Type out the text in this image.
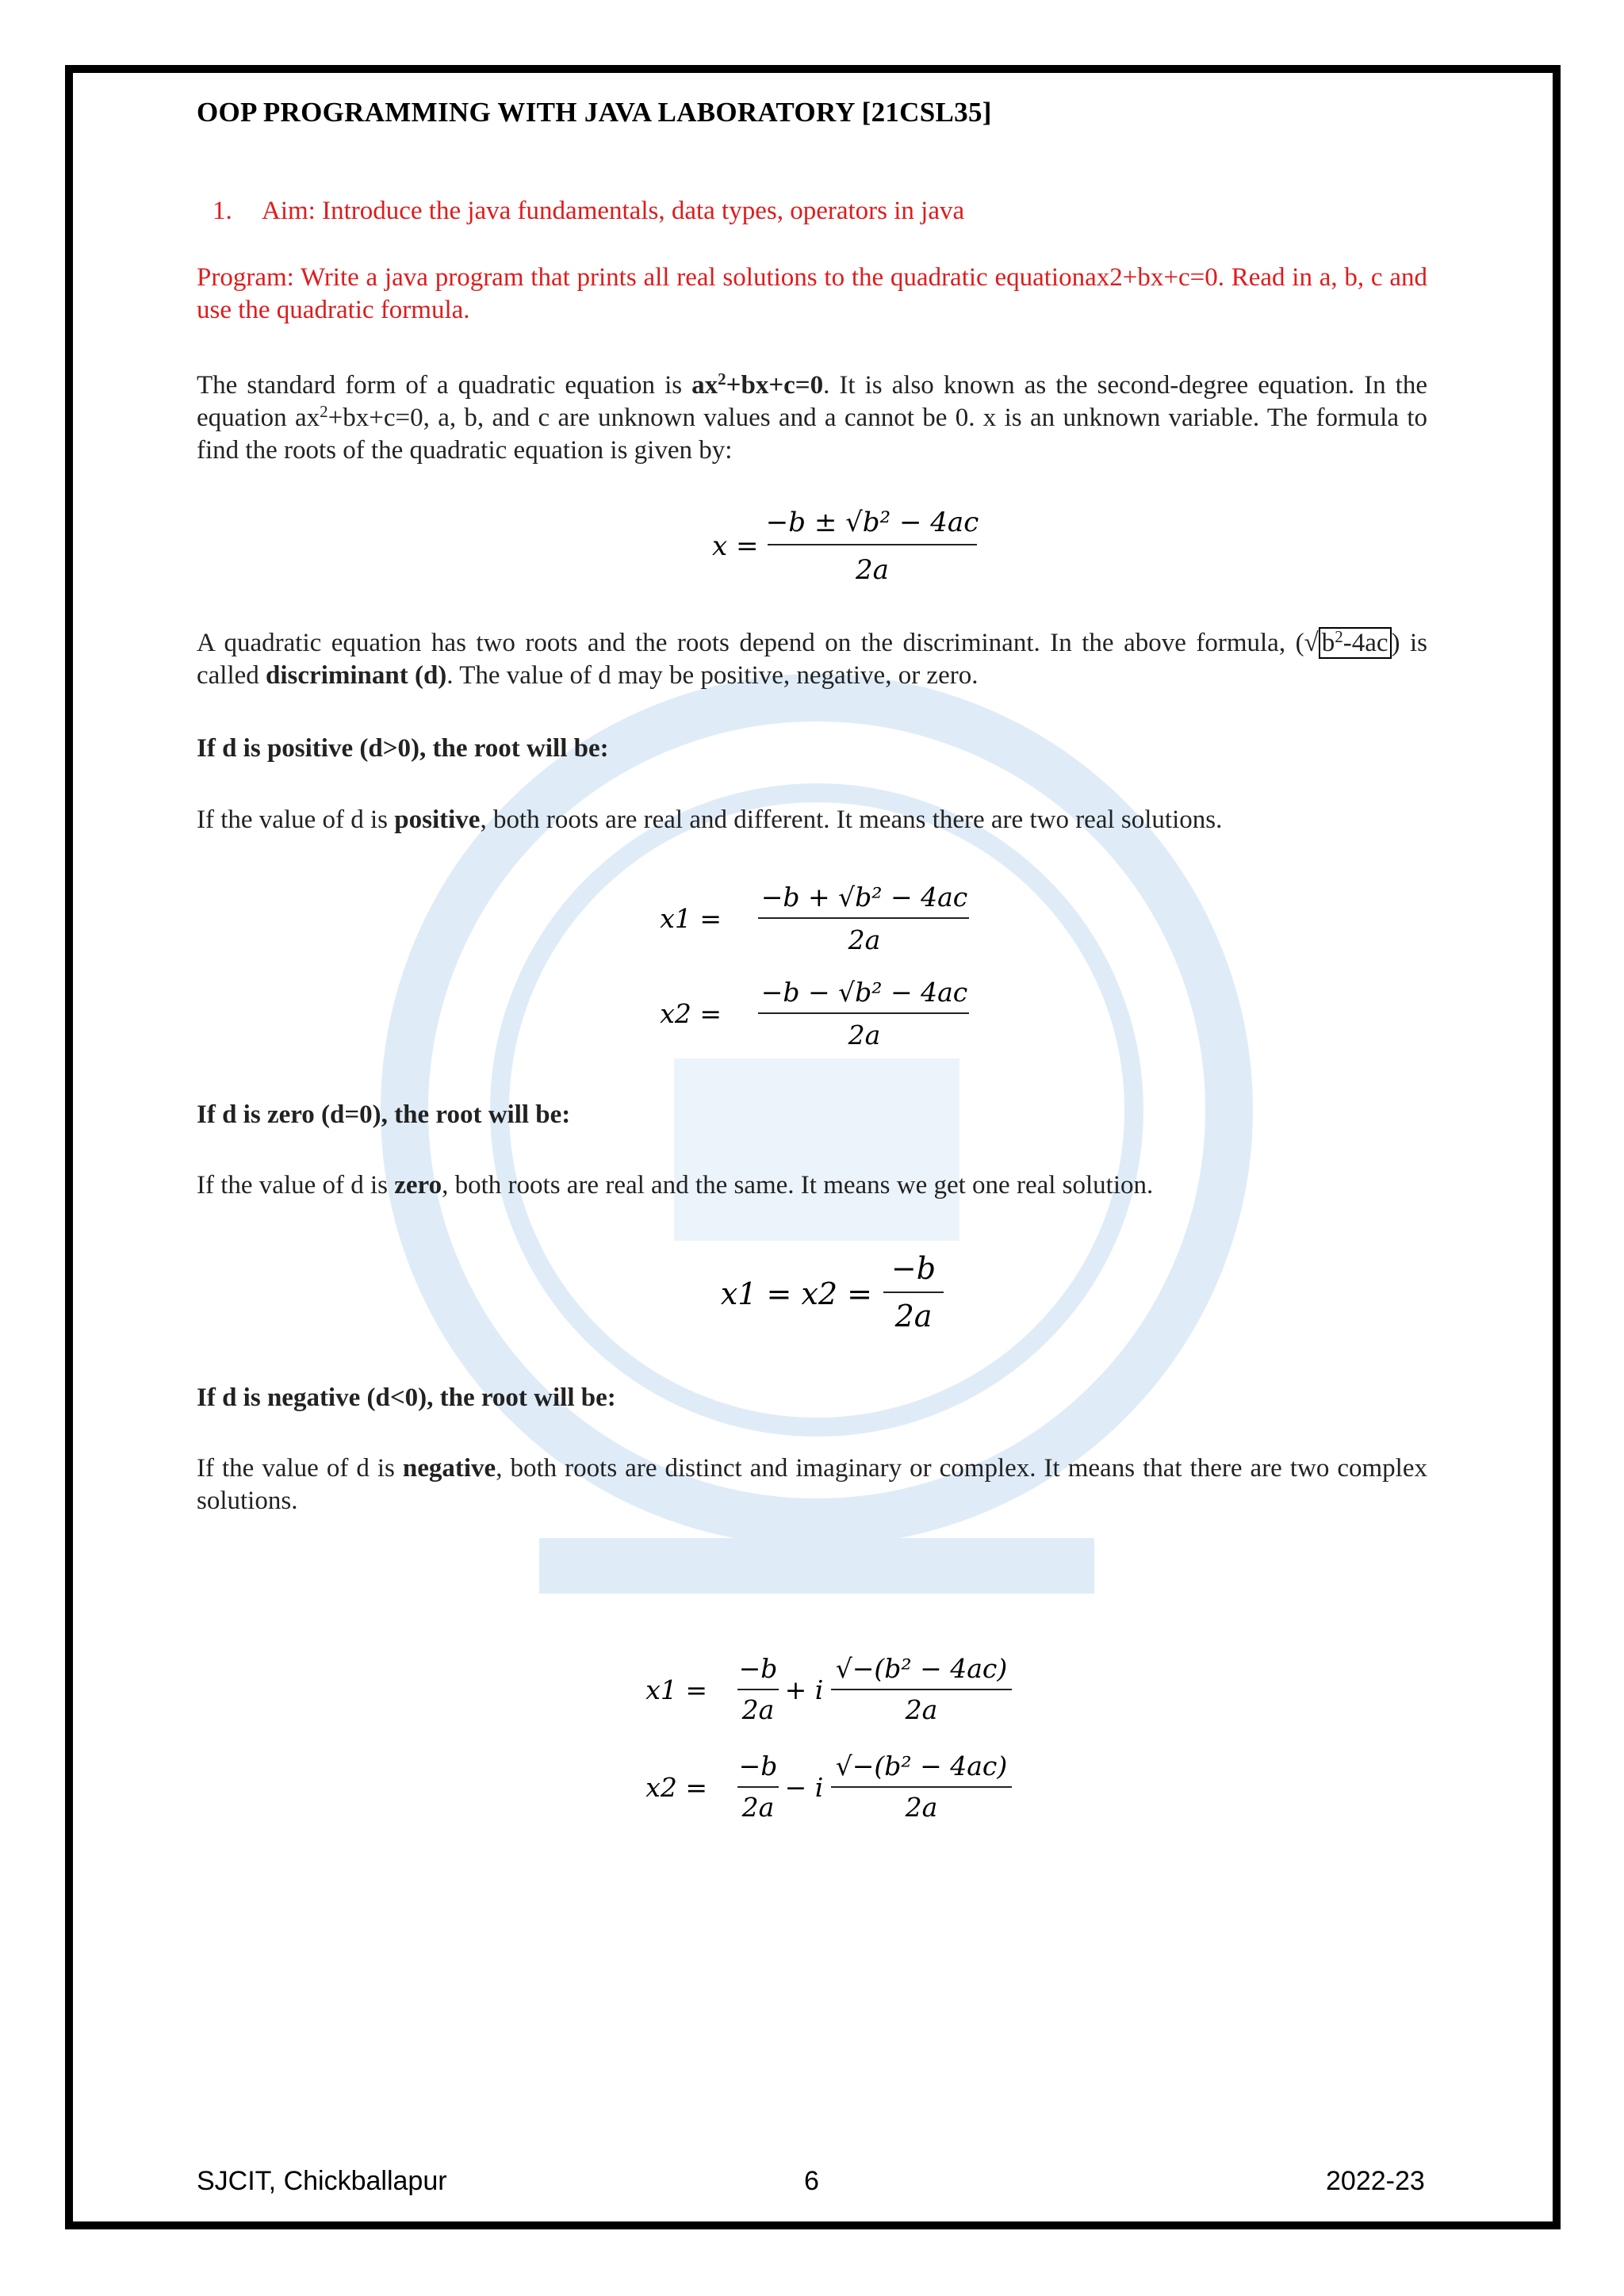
OOP PROGRAMMING WITH JAVA LABORATORY [21CSL35]
1. Aim: Introduce the java fundamentals, data types, operators in java
Program: Write a java program that prints all real solutions to the quadratic equationax2+bx+c=0. Read in a, b, c and use the quadratic formula.
The standard form of a quadratic equation is $ax^2+bx+c=0$. It is also known as the second-degree equation. In the equation $ax^2+bx+c=0$, a, b, and c are unknown values and a cannot be 0. x is an unknown variable. The formula to find the roots of the quadratic equation is given by:
x =
−b ± √b² − 4ac
2a
A quadratic equation has two roots and the roots depend on the discriminant. In the above formula, (√ $b^2-4ac$ ) is called discriminant (d). The value of d may be positive, negative, or zero.
If d is positive (d>0), the root will be:
If the value of d is positive, both roots are real and different. It means there are two real solutions.
x1 =
−b + √b² − 4ac
2a
x2 =
−b − √b² − 4ac
2a
If d is zero (d=0), the root will be:
If the value of d is zero, both roots are real and the same. It means we get one real solution.
x1 = x2 =
−b
2a
If d is negative (d<0), the root will be:
If the value of d is negative, both roots are distinct and imaginary or complex. It means that there are two complex solutions.
x1 =
−b
2a
+ i
√−(b² − 4ac)
2a
x2 =
−b
2a
− i
√−(b² − 4ac)
2a
SJCIT, Chickballapur	6	2022-23
